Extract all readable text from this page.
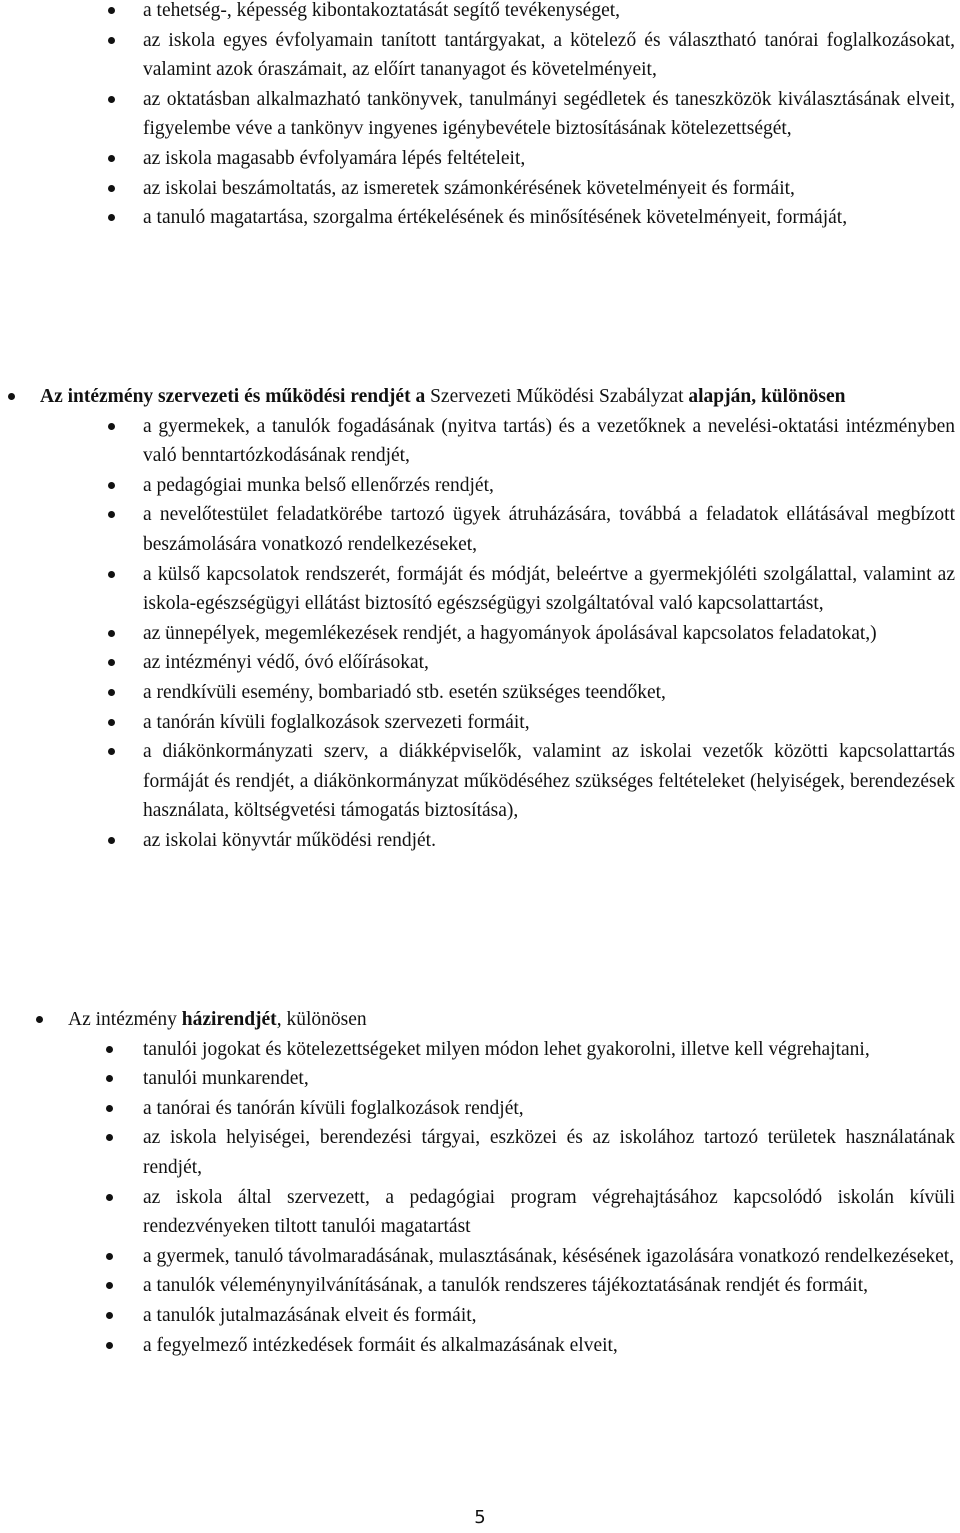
a tehetség-, képesség kibontakoztatását segítő tevékenységet,
az iskola egyes évfolyamain tanított tantárgyakat, a kötelező és választható tanórai foglalkozásokat, valamint azok óraszámait, az előírt tananyagot és követelményeit,
az oktatásban alkalmazható tankönyvek, tanulmányi segédletek és taneszközök kiválasztásának elveit, figyelembe véve a tankönyv ingyenes igénybevétele biztosításának kötelezettségét,
az iskola magasabb évfolyamára lépés feltételeit,
az iskolai beszámoltatás, az ismeretek számonkérésének követelményeit és formáit,
a tanuló magatartása, szorgalma értékelésének és minősítésének követelményeit, formáját,
Az intézmény szervezeti és működési rendjét a Szervezeti Működési Szabályzat alapján, különösen
a gyermekek, a tanulók fogadásának (nyitva tartás) és a vezetőknek a nevelési-oktatási intézményben való benntartózkodásának rendjét,
a pedagógiai munka belső ellenőrzés rendjét,
a nevelőtestület feladatkörébe tartozó ügyek átruházására, továbbá a feladatok ellátásával megbízott beszámolására vonatkozó rendelkezéseket,
a külső kapcsolatok rendszerét, formáját és módját, beleértve a gyermekjóléti szolgálattal, valamint az iskola-egészségügyi ellátást biztosító egészségügyi szolgáltatóval való kapcsolattartást,
az ünnepélyek, megemlékezések rendjét, a hagyományok ápolásával kapcsolatos feladatokat,)
az intézményi védő, óvó előírásokat,
a rendkívüli esemény, bombariadó stb. esetén szükséges teendőket,
a tanórán kívüli foglalkozások szervezeti formáit,
a diákönkormányzati szerv, a diákképviselők, valamint az iskolai vezetők közötti kapcsolattartás formáját és rendjét, a diákönkormányzat működéséhez szükséges feltételeket (helyiségek, berendezések használata, költségvetési támogatás biztosítása),
az iskolai könyvtár működési rendjét.
Az intézmény házirendjét, különösen
tanulói jogokat és kötelezettségeket milyen módon lehet gyakorolni, illetve kell végrehajtani,
tanulói munkarendet,
a tanórai és tanórán kívüli foglalkozások rendjét,
az iskola helyiségei, berendezési tárgyai, eszközei és az iskolához tartozó területek használatának rendjét,
az iskola által szervezett, a pedagógiai program végrehajtásához kapcsolódó iskolán kívüli rendezvényeken tiltott tanulói magatartást
a gyermek, tanuló távolmaradásának, mulasztásának, késésének igazolására vonatkozó rendelkezéseket,
a tanulók véleménynyilvánításának, a tanulók rendszeres tájékoztatásának rendjét és formáit,
a tanulók jutalmazásának elveit és formáit,
a fegyelmező intézkedések formáit és alkalmazásának elveit,
5
